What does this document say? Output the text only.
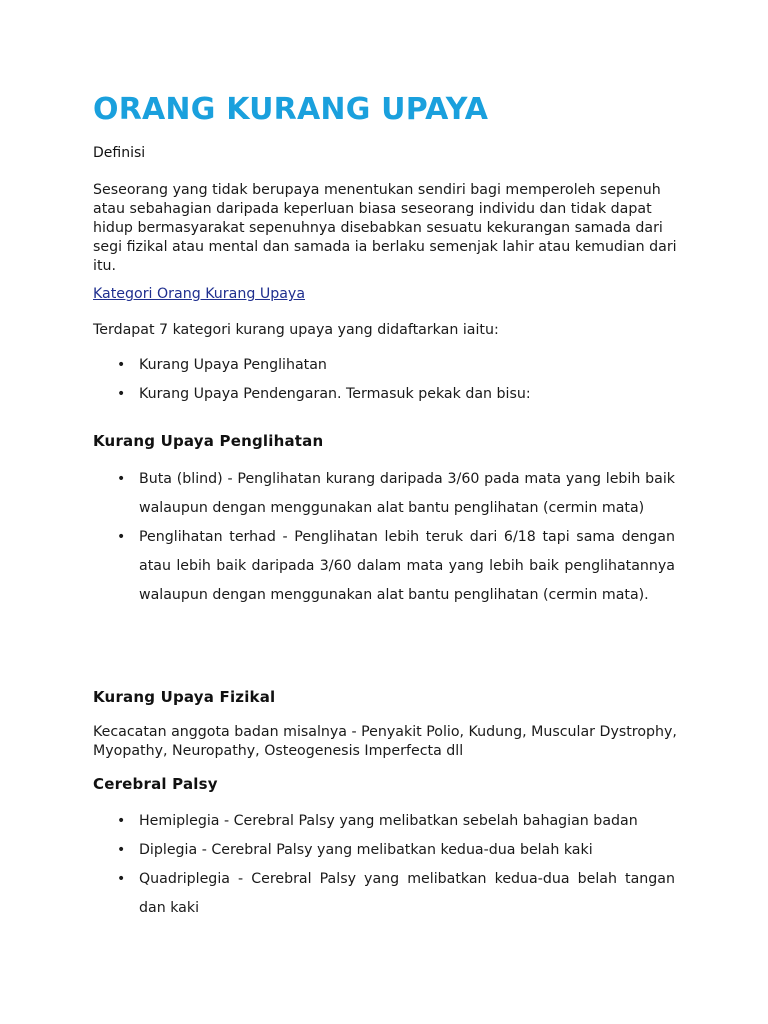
ORANG KURANG UPAYA
Definisi

Seseorang yang tidak berupaya menentukan sendiri bagi memperoleh sepenuh atau sebahagian daripada keperluan biasa seseorang individu dan tidak dapat hidup bermasyarakat sepenuhnya disebabkan sesuatu kekurangan samada dari segi fizikal atau mental dan samada ia berlaku semenjak lahir atau kemudian dari itu.

Kategori Orang Kurang Upaya

Terdapat 7 kategori kurang upaya yang didaftarkan iaitu:

• Kurang Upaya Penglihatan
• Kurang Upaya Pendengaran. Termasuk pekak dan bisu:
Kurang Upaya Penglihatan
• Buta (blind) - Penglihatan kurang daripada 3/60 pada mata yang lebih baik walaupun dengan menggunakan alat bantu penglihatan (cermin mata)
• Penglihatan terhad - Penglihatan lebih teruk dari 6/18 tapi sama dengan atau lebih baik daripada 3/60 dalam mata yang lebih baik penglihatannya walaupun dengan menggunakan alat bantu penglihatan (cermin mata).
Kurang Upaya Fizikal

Kecacatan anggota badan misalnya - Penyakit Polio, Kudung, Muscular Dystrophy, Myopathy, Neuropathy, Osteogenesis Imperfecta dll

Cerebral Palsy
• Hemiplegia - Cerebral Palsy yang melibatkan sebelah bahagian badan
• Diplegia - Cerebral Palsy yang melibatkan kedua-dua belah kaki
• Quadriplegia - Cerebral Palsy yang melibatkan kedua-dua belah tangan dan kaki
